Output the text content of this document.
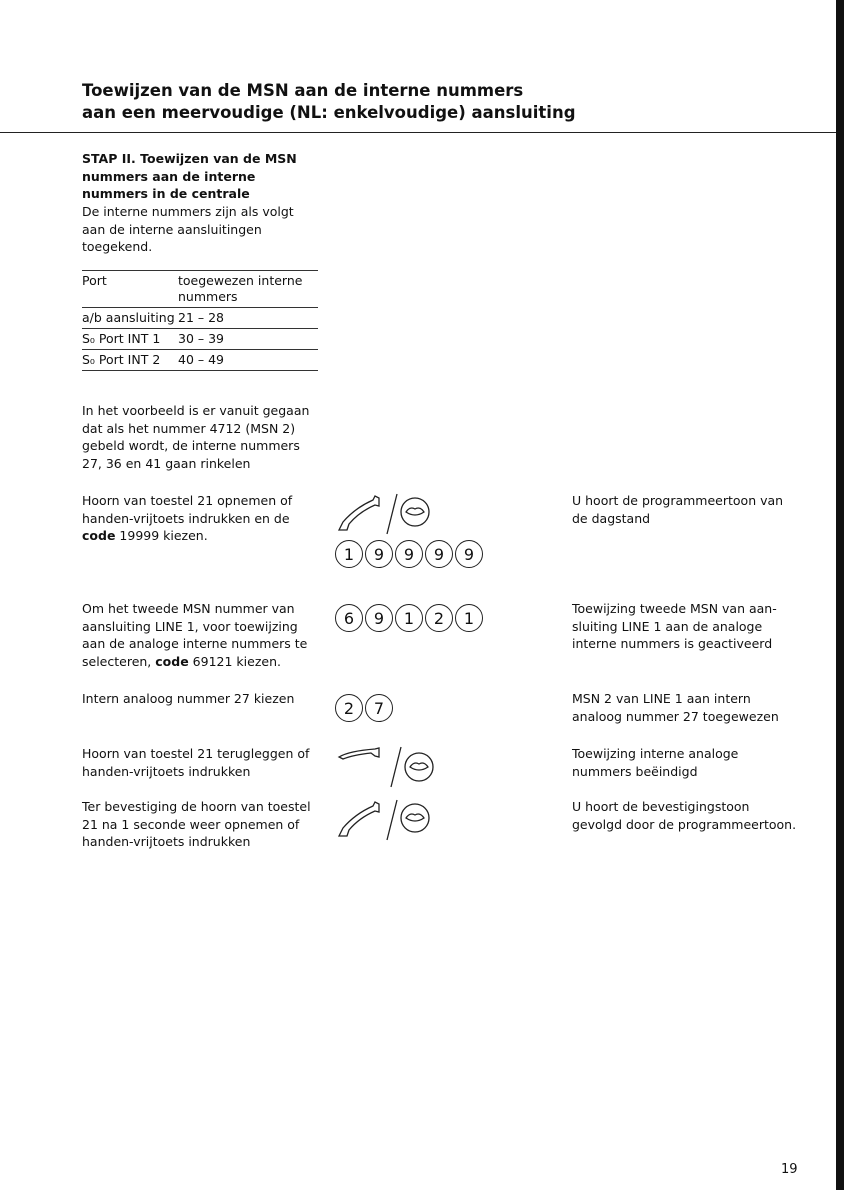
Toewijzen van de MSN aan de interne nummers
aan een meervoudige (NL: enkelvoudige) aansluiting
STAP II. Toewijzen van de MSN
nummers aan de interne
nummers in de centrale
De interne nummers zijn als volgt aan de interne aansluitingen toegekend.
Port	toegewezen interne nummers
a/b aansluiting	21 – 28
S₀ Port INT 1	30 – 39
S₀ Port INT 2	40 – 49
In het voorbeeld is er vanuit gegaan dat als het nummer 4712 (MSN 2) gebeld wordt, de interne nummers 27, 36 en 41 gaan rinkelen
Hoorn van toestel 21 opnemen of handen-vrijtoets indrukken en de code 19999 kiezen.
U hoort de programmeertoon van de dagstand
1	9	9	9	9
Om het tweede MSN nummer van aansluiting LINE 1, voor toewijzing aan de analoge interne nummers te selecteren, code 69121 kiezen.
Toewijzing tweede MSN van aan-sluiting LINE 1 aan de analoge interne nummers is geactiveerd
6	9	1	2	1
Intern analoog nummer 27 kiezen	MSN 2 van LINE 1 aan intern analoog nummer 27 toegewezen
2	7
Hoorn van toestel 21 terugleggen of handen-vrijtoets indrukken
Toewijzing interne analoge nummers beëindigd
Ter bevestiging de hoorn van toestel 21 na 1 seconde weer opnemen of handen-vrijtoets indrukken
U hoort de bevestigingstoon gevolgd door de programmeertoon.
19
